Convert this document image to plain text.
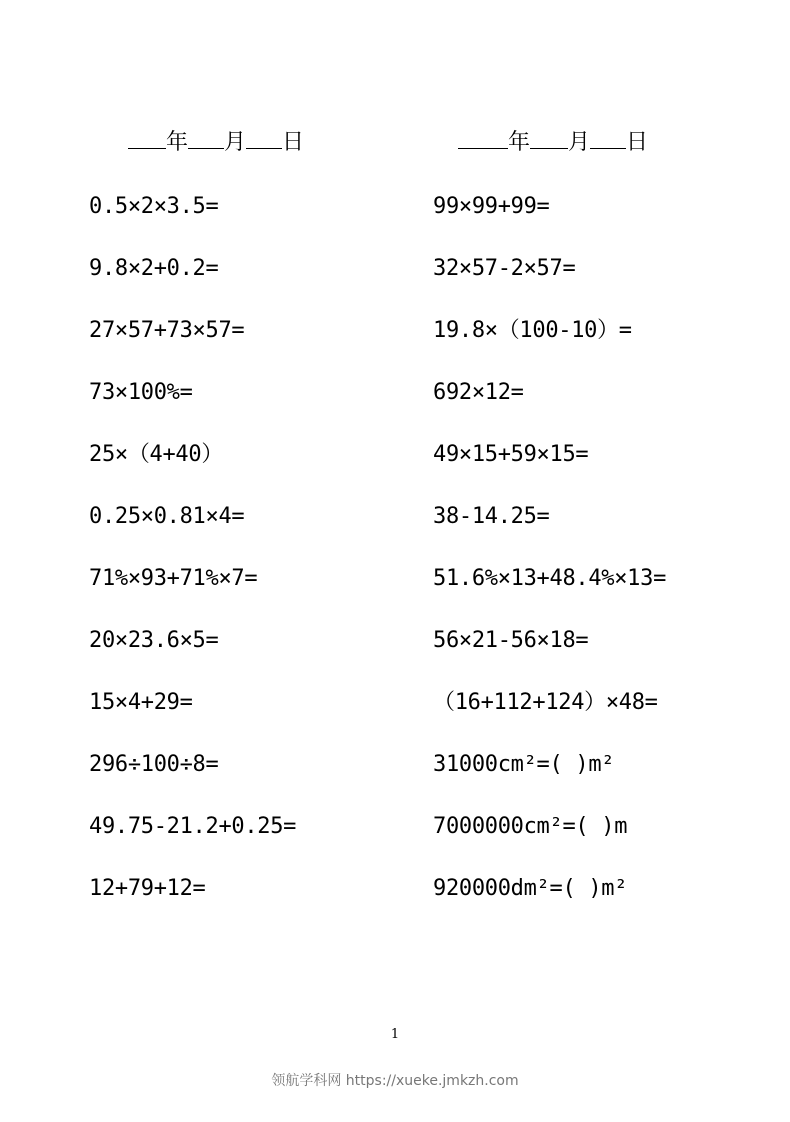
年 月 日	年 月 日
0.5×2×3.5=
9.8×2+0.2=
27×57+73×57=
73×100%=
25×（4+40）
0.25×0.81×4=
71%×93+71%×7=
20×23.6×5=
15×4+29=
296÷100÷8=
49.75-21.2+0.25=
12+79+12=
99×99+99=
32×57-2×57=
19.8×（100-10）=
692×12=
49×15+59×15=
38-14.25=
51.6%×13+48.4%×13=
56×21-56×18=
（16+112+124）×48=
31000cm²=( )m²
7000000cm²=( )m
920000dm²=( )m²
1
领航学科网 https://xueke.jmkzh.com
